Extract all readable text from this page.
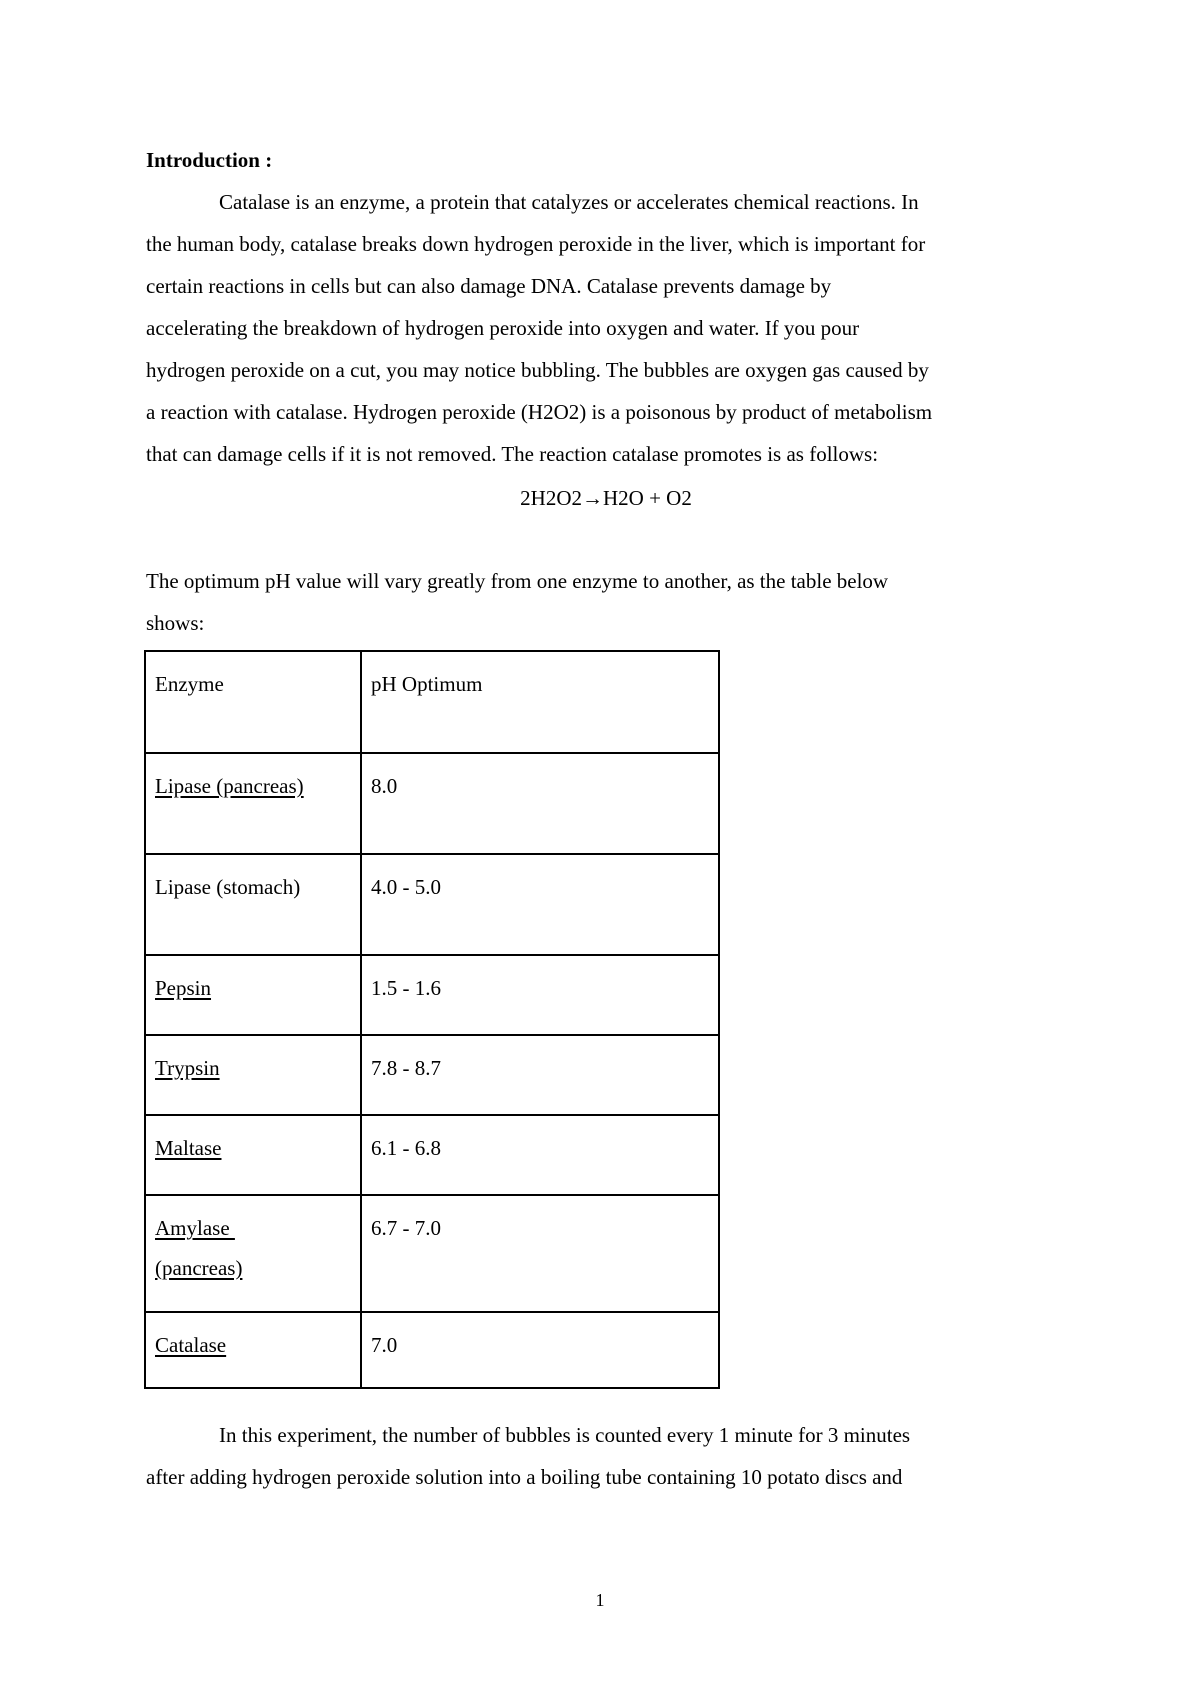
Introduction :

Catalase is an enzyme, a protein that catalyzes or accelerates chemical reactions. In
the human body, catalase breaks down hydrogen peroxide in the liver, which is important for
certain reactions in cells but can also damage DNA. Catalase prevents damage by
accelerating the breakdown of hydrogen peroxide into oxygen and water. If you pour
hydrogen peroxide on a cut, you may notice bubbling. The bubbles are oxygen gas caused by
a reaction with catalase. Hydrogen peroxide (H2O2) is a poisonous by product of metabolism
that can damage cells if it is not removed. The reaction catalase promotes is as follows:

2H2O2→H2O + O2

The optimum pH value will vary greatly from one enzyme to another, as the table below
shows:

Enzyme	pH Optimum
Lipase (pancreas)	8.0
Lipase (stomach)	4.0 - 5.0
Pepsin	1.5 - 1.6
Trypsin	7.8 - 8.7
Maltase	6.1 - 6.8
Amylase
(pancreas)	6.7 - 7.0
Catalase	7.0

In this experiment, the number of bubbles is counted every 1 minute for 3 minutes
after adding hydrogen peroxide solution into a boiling tube containing 10 potato discs and

1
